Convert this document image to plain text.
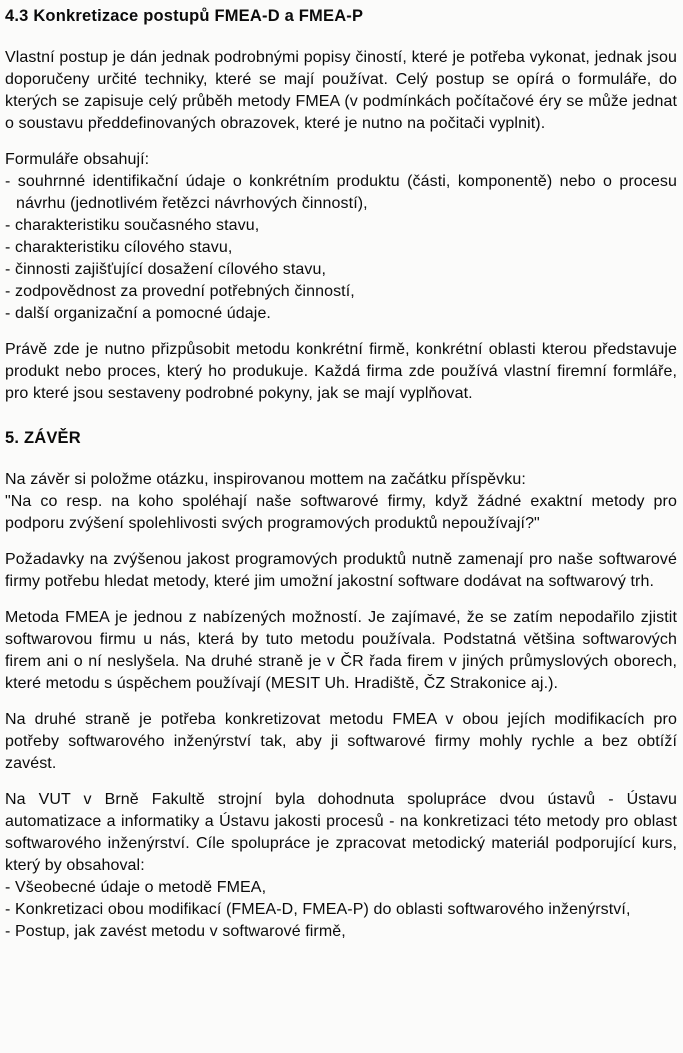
4.3 Konkretizace postupů FMEA-D a FMEA-P

Vlastní postup je dán jednak podrobnými popisy čiností, které je potřeba vykonat, jednak jsou doporučeny určité techniky, které se mají používat. Celý postup se opírá o formuláře, do kterých se zapisuje celý průběh metody FMEA (v podmínkách počítačové éry se může jednat o soustavu předdefinovaných obrazovek, které je nutno na počitači vyplnit).

Formuláře obsahují:

- souhrnné identifikační údaje o konkrétním produktu (části, komponentě) nebo o procesu návrhu (jednotlivém řetězci návrhových činností),
- charakteristiku současného stavu,
- charakteristiku cílového stavu,
- činnosti zajišťující dosažení cílového stavu,
- zodpovědnost za provední potřebných činností,
- další organizační a pomocné údaje.

Právě zde je nutno přizpůsobit metodu konkrétní firmě, konkrétní oblasti kterou představuje produkt nebo proces, který ho produkuje. Každá firma zde používá vlastní firemní formláře, pro které jsou sestaveny podrobné pokyny, jak se mají vyplňovat.

5. ZÁVĚR

Na závěr si položme otázku, inspirovanou mottem na začátku příspěvku:

"Na co resp. na koho spoléhají naše softwarové firmy, když žádné exaktní metody pro podporu zvýšení spolehlivosti svých programových produktů nepoužívají?"

Požadavky na zvýšenou jakost programových produktů nutně zamenají pro naše softwarové firmy potřebu hledat metody, které jim umožní jakostní software dodávat na softwarový trh.

Metoda FMEA je jednou z nabízených možností. Je zajímavé, že se zatím nepodařilo zjistit softwarovou firmu u nás, která by tuto metodu používala. Podstatná většina softwarových firem ani o ní neslyšela. Na druhé straně je v ČR řada firem v jiných průmyslových oborech, které metodu s úspěchem používají (MESIT Uh. Hradiště, ČZ Strakonice aj.).

Na druhé straně je potřeba konkretizovat metodu FMEA v obou jejích modifikacích pro potřeby softwarového inženýrství tak, aby ji softwarové firmy mohly rychle a bez obtíží zavést.

Na VUT v Brně Fakultě strojní byla dohodnuta spolupráce dvou ústavů - Ústavu automatizace a informatiky a Ústavu jakosti procesů - na konkretizaci této metody pro oblast softwarového inženýrství. Cíle spolupráce je zpracovat metodický materiál podporující kurs, který by obsahoval:

- Všeobecné údaje o metodě FMEA,
- Konkretizaci obou modifikací (FMEA-D, FMEA-P) do oblasti softwarového inženýrství,
- Postup, jak zavést metodu v softwarové firmě,
